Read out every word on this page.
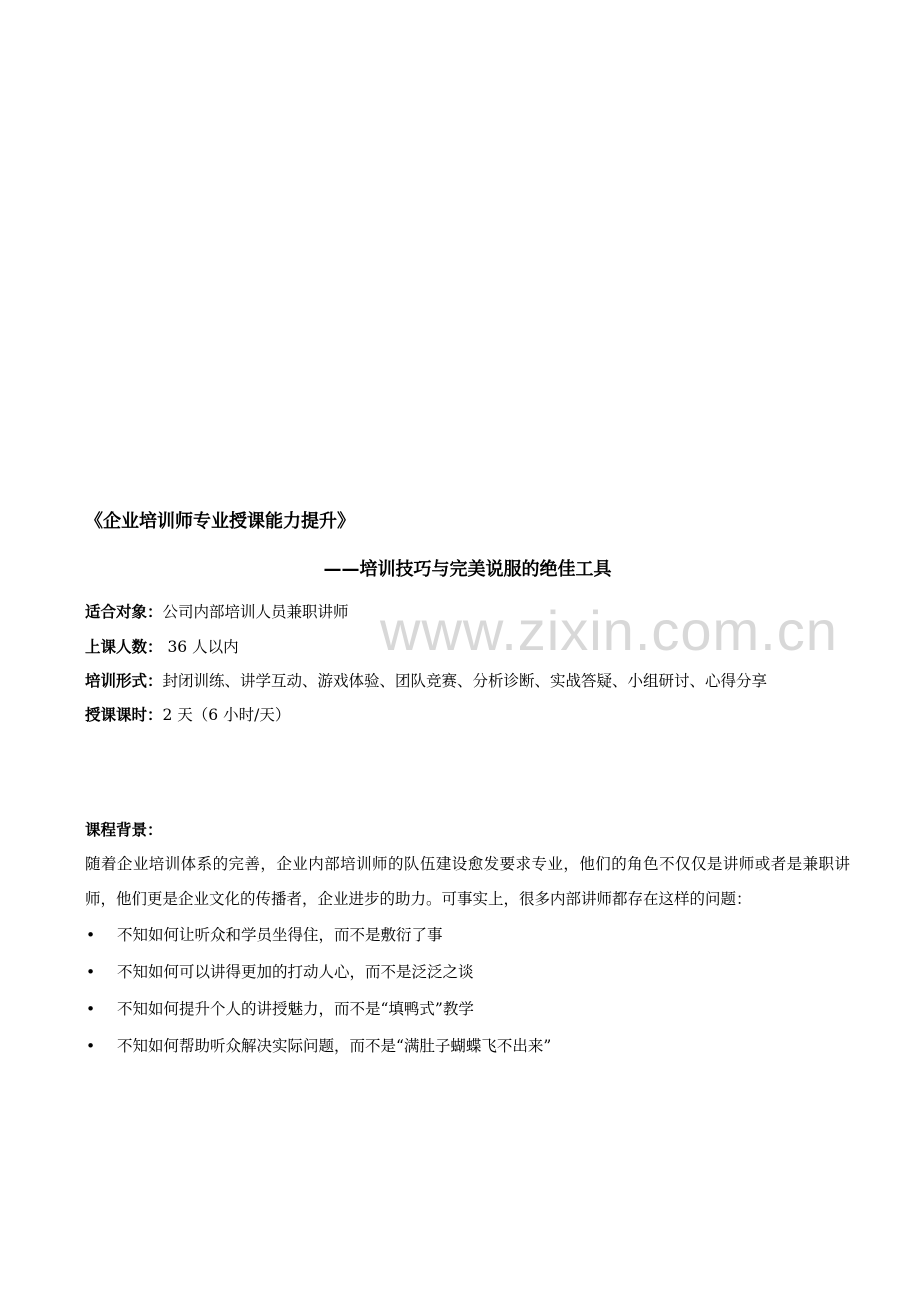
www.zixin.com.cn
《企业培训师专业授课能力提升》
——培训技巧与完美说服的绝佳工具
适合对象：公司内部培训人员兼职讲师
上课人数： 36 人以内
培训形式：封闭训练、讲学互动、游戏体验、团队竞赛、分析诊断、实战答疑、小组研讨、心得分享
授课课时：2 天（6 小时/天）
课程背景：

随着企业培训体系的完善，企业内部培训师的队伍建设愈发要求专业，他们的角色不仅仅是讲师或者是兼职讲师，他们更是企业文化的传播者，企业进步的助力。可事实上，很多内部讲师都存在这样的问题：

• 不知如何让听众和学员坐得住，而不是敷衍了事
• 不知如何可以讲得更加的打动人心，而不是泛泛之谈
• 不知如何提升个人的讲授魅力，而不是“填鸭式”教学
• 不知如何帮助听众解决实际问题，而不是“满肚子蝴蝶飞不出来”
